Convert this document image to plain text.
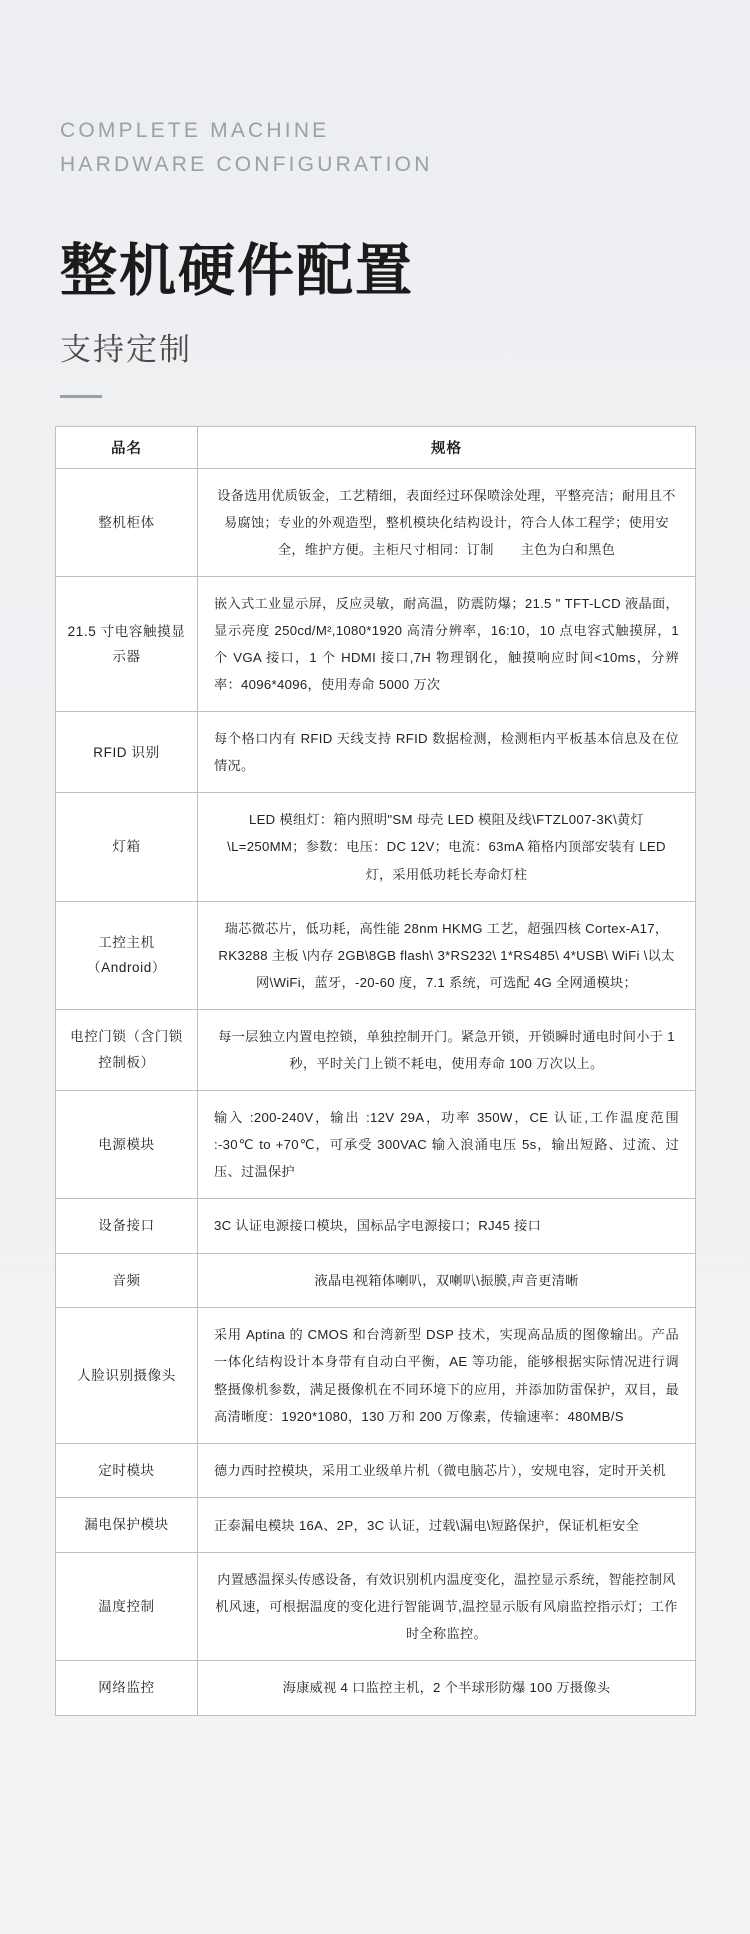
COMPLETE MACHINE

HARDWARE CONFIGURATION

整机硬件配置
支持定制
品名	规格
整机柜体	设备选用优质钣金，工艺精细，表面经过环保喷涂处理，平整亮洁；耐用且不易腐蚀；专业的外观造型，整机模块化结构设计，符合人体工程学；使用安全，维护方便。主柜尺寸相同：订制　　主色为白和黑色
21.5 寸电容触摸显示器	嵌入式工业显示屏，反应灵敏，耐高温，防震防爆；21.5 " TFT-LCD 液晶面，显示亮度 250cd/M²,1080*1920 高清分辨率，16:10，10 点电容式触摸屏，1 个 VGA 接口，1 个 HDMI 接口,7H 物理钢化，触摸响应时间<10ms，分辨率：4096*4096，使用寿命 5000 万次
RFID 识别	每个格口内有 RFID 天线支持 RFID 数据检测，检测柜内平板基本信息及在位情况。
灯箱	LED 模组灯：箱内照明"SM 母壳 LED 模阻及线\FTZL007-3K\黄灯\L=250MM；参数：电压：DC 12V；电流：63mA 箱格内顶部安装有 LED 灯，采用低功耗长寿命灯柱
工控主机（Android）	瑞芯微芯片，低功耗，高性能 28nm HKMG 工艺，超强四核 Cortex-A17，RK3288 主板 \内存 2GB\8GB flash\ 3*RS232\ 1*RS485\ 4*USB\ WiFi \以太网\WiFi，蓝牙，-20-60 度，7.1 系统，可选配 4G 全网通模块；
电控门锁（含门锁控制板）	每一层独立内置电控锁，单独控制开门。紧急开锁，开锁瞬时通电时间小于 1 秒，平时关门上锁不耗电，使用寿命 100 万次以上。
电源模块	输入 :200-240V，输出 :12V 29A，功率 350W，CE 认证,工作温度范围 :-30℃ to +70℃，可承受 300VAC 输入浪涌电压 5s，输出短路、过流、过压、过温保护
设备接口	3C 认证电源接口模块，国标品字电源接口；RJ45 接口
音频	液晶电视箱体喇叭，双喇叭\振膜,声音更清晰
人脸识别摄像头	采用 Aptina 的 CMOS 和台湾新型 DSP 技术，实现高品质的图像输出。产品一体化结构设计本身带有自动白平衡，AE 等功能，能够根据实际情况进行调整摄像机参数，满足摄像机在不同环境下的应用，并添加防雷保护，双目，最高清晰度：1920*1080，130 万和 200 万像素，传输速率：480MB/S
定时模块	德力西时控模块，采用工业级单片机（微电脑芯片），安规电容，定时开关机
漏电保护模块	正泰漏电模块 16A、2P，3C 认证，过载\漏电\短路保护，保证机柜安全
温度控制	内置感温探头传感设备，有效识别机内温度变化，温控显示系统，智能控制风机风速，可根据温度的变化进行智能调节,温控显示版有风扇监控指示灯；工作时全称监控。
网络监控	海康威视 4 口监控主机，2 个半球形防爆 100 万摄像头
